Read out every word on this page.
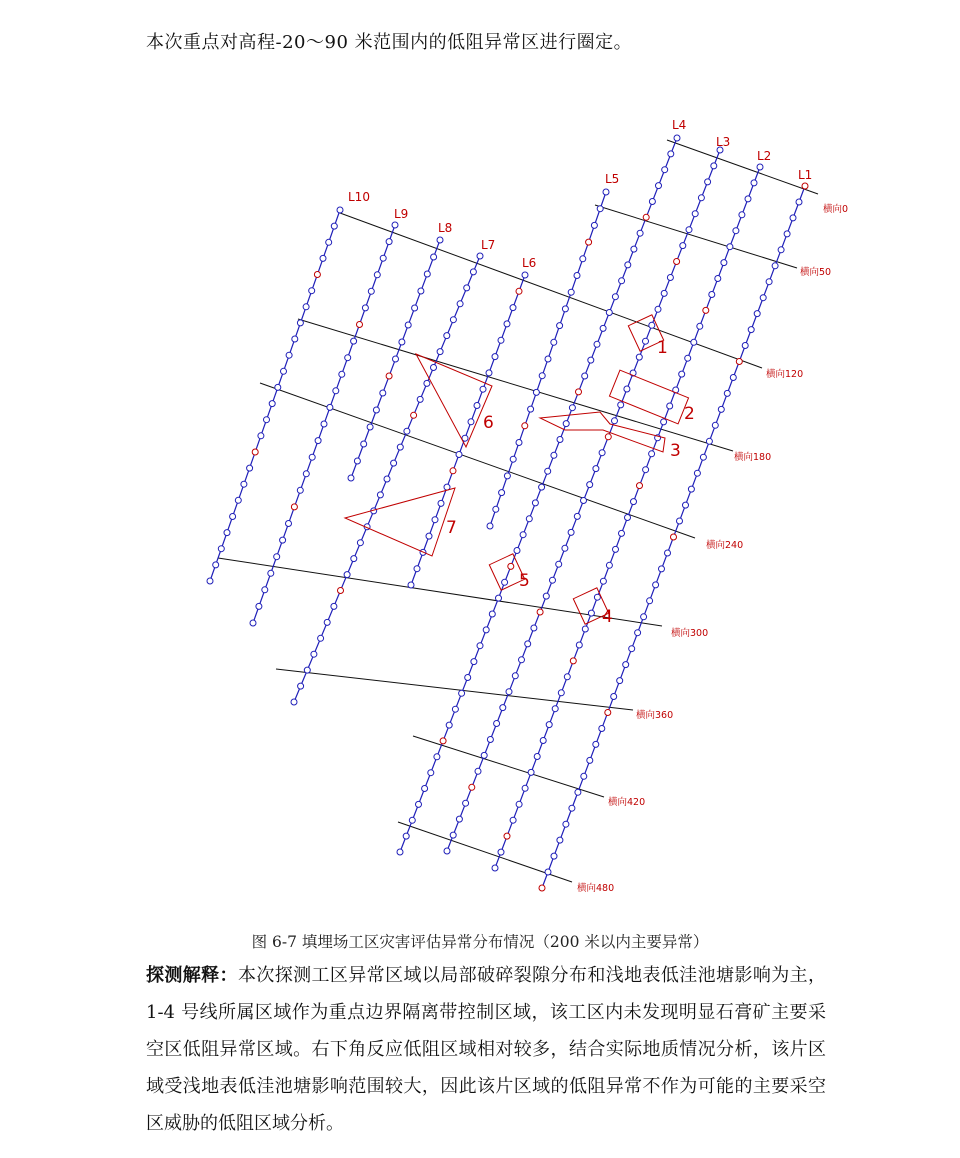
本次重点对高程-20～90 米范围内的低阻异常区进行圈定。
L1
L2
L3
L4
L5
L6
L7
L8
L9
L10
横向0
横向50
横向120
横向180
横向240
横向300
横向360
横向420
横向480
1
2
3
4
5
6
7
图 6-7 填埋场工区灾害评估异常分布情况（200 米以内主要异常）
探测解释：本次探测工区异常区域以局部破碎裂隙分布和浅地表低洼池塘影响为主，1-4 号线所属区域作为重点边界隔离带控制区域，该工区内未发现明显石膏矿主要采空区低阻异常区域。右下角反应低阻区域相对较多，结合实际地质情况分析，该片区域受浅地表低洼池塘影响范围较大，因此该片区域的低阻异常不作为可能的主要采空区威胁的低阻区域分析。
